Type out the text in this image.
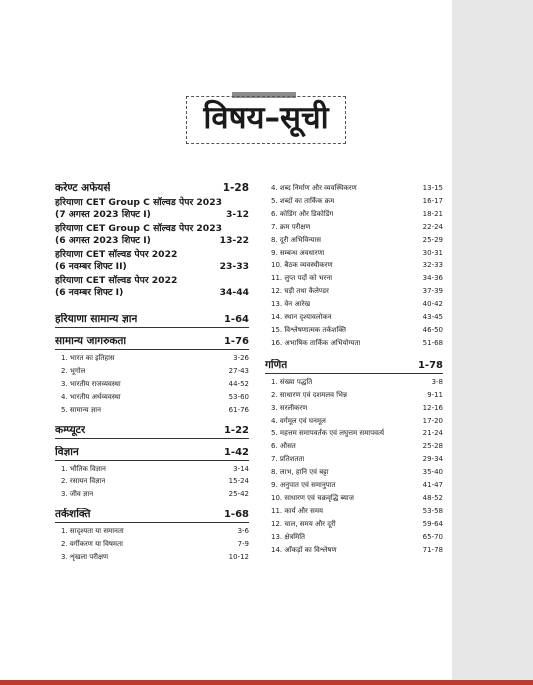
विषय–सूची
करेण्ट अफेयर्स	1-28
हरियाणा CET Group C सॉल्वड पेपर 2023
(7 अगस्त 2023 शिफ्ट I)	3-12
हरियाणा CET Group C सॉल्वड पेपर 2023
(6 अगस्त 2023 शिफ्ट I)	13-22
हरियाणा CET सॉल्वड पेपर 2022
(6 नवम्बर शिफ्ट II)	23-33
हरियाणा CET सॉल्वड पेपर 2022
(6 नवम्बर शिफ्ट I)	34-44
हरियाणा सामान्य ज्ञान	1-64
सामान्य जागरुकता	1-76
1. भारत का इतिहास	3-26
2. भूगोल	27-43
3. भारतीय राजव्यवस्था	44-52
4. भारतीय अर्थव्यवस्था	53-60
5. सामान्य ज्ञान	61-76
कम्प्यूटर	1-22
विज्ञान	1-42
1. भौतिक विज्ञान	3-14
2. रसायन विज्ञान	15-24
3. जीव ज्ञान	25-42
तर्कशक्ति	1-68
1. सादृश्यता या समानता	3-6
2. वर्गीकरण या विषमता	7-9
3. शृंखला परीक्षण	10-12
4. शब्द निर्माण और व्यवस्थिकरण	13-15
5. शब्दों का तार्किक क्रम	16-17
6. कोडिंग और डिकोडिंग	18-21
7. क्रम परीक्षण	22-24
8. दूरी अभिविन्यास	25-29
9. सम्बन्ध अवधारणा	30-31
10. बैठक व्यवस्थीकरण	32-33
11. लुप्त पदों को भरना	34-36
12. घड़ी तथा कैलेण्डर	37-39
13. वेन आरेख	40-42
14. स्थान दृश्यावलोकन	43-45
15. विश्लेषणात्मक तर्कशक्ति	46-50
16. अभाषिक तार्किक अभियोग्यता	51-68
गणित	1-78
1. संख्या पद्धति	3-8
2. साधारण एवं दशमलव भिन्न	9-11
3. सरलीकरण	12-16
4. वर्गमूल एवं घनमूल	17-20
5. महत्तम समापवर्तक एवं लघुत्तम समापवर्त्य	21-24
6. औसत	25-28
7. प्रतिशतता	29-34
8. लाभ, हानि एवं बट्टा	35-40
9. अनुपात एवं समानुपात	41-47
10. साधारण एवं चक्रवृद्धि ब्याज	48-52
11. कार्य और समय	53-58
12. चाल, समय और दूरी	59-64
13. क्षेत्रमिति	65-70
14. आँकड़ों का विश्लेषण	71-78
